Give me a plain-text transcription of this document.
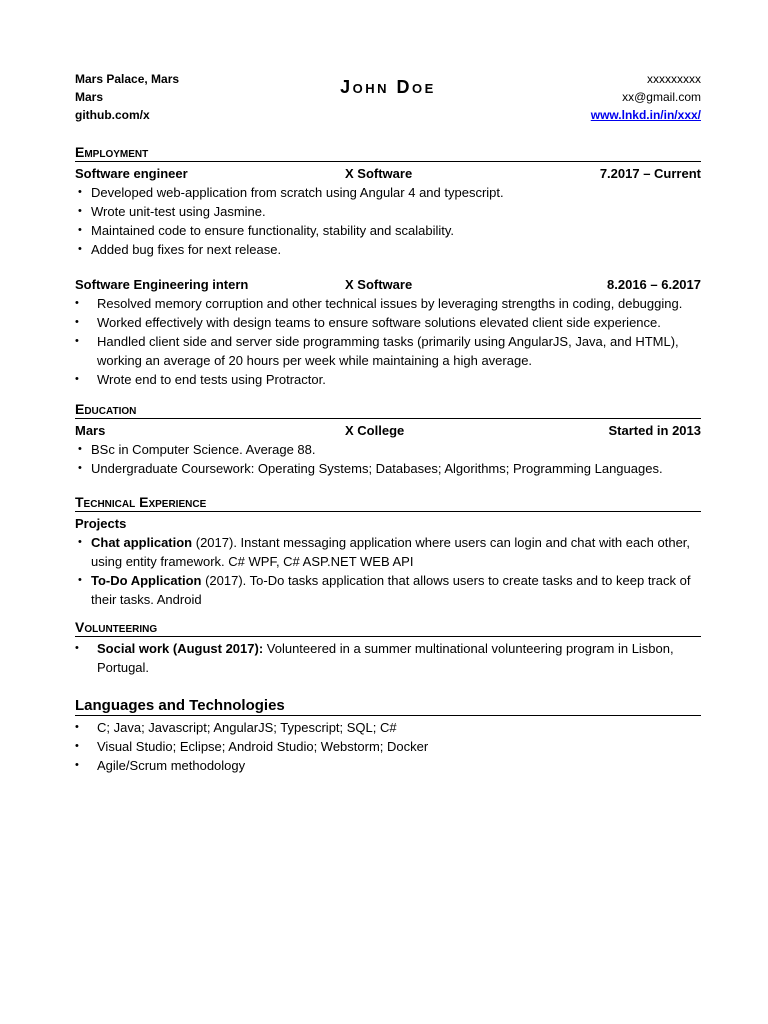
Mars Palace, Mars
Mars
github.com/x
John Doe	xxxxxxxxx
xx@gmail.com
www.lnkd.in/in/xxx/
Employment
Software engineer	X Software	7.2017 – Current
• Developed web-application from scratch using Angular 4 and typescript.
• Wrote unit-test using Jasmine.
• Maintained code to ensure functionality, stability and scalability.
• Added bug fixes for next release.
Software Engineering intern	X Software	8.2016 – 6.2017
• Resolved memory corruption and other technical issues by leveraging strengths in coding, debugging.
• Worked effectively with design teams to ensure software solutions elevated client side experience.
• Handled client side and server side programming tasks (primarily using AngularJS, Java, and HTML), working an average of 20 hours per week while maintaining a high average.
• Wrote end to end tests using Protractor.
Education
Mars	X College	Started in 2013
• BSc in Computer Science. Average 88.
• Undergraduate Coursework: Operating Systems; Databases; Algorithms; Programming Languages.
Technical Experience
Projects
• Chat application (2017). Instant messaging application where users can login and chat with each other, using entity framework. C# WPF, C# ASP.NET WEB API
• To-Do Application (2017). To-Do tasks application that allows users to create tasks and to keep track of their tasks. Android
Volunteering
• Social work (August 2017): Volunteered in a summer multinational volunteering program in Lisbon, Portugal.
Languages and Technologies
• C; Java; Javascript; AngularJS; Typescript; SQL; C#
• Visual Studio; Eclipse; Android Studio; Webstorm; Docker
• Agile/Scrum methodology
